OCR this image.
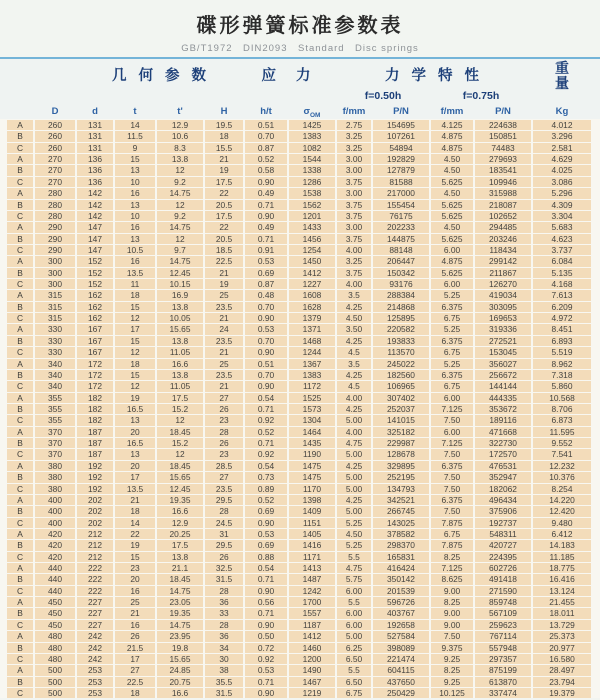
碟形弹簧标准参数表
GB/T1972　DIN2093　Standard　Disc springs
几 何 参 数	应 力	力 学 特 性	重
量
f=0.50h	f=0.75h
D	d	t	t'	H	h/t	$\sigma_{OM}$	f/mm	P/N	f/mm	P/N	Kg
A	260	131	14	12.9	19.5	0.51	1425	2.75	154695	4.125	224638	4.012
B	260	131	11.5	10.6	18	0.70	1383	3.25	107261	4.875	150851	3.296
C	260	131	9	8.3	15.5	0.87	1082	3.25	54894	4.875	74483	2.581
A	270	136	15	13.8	21	0.52	1544	3.00	192829	4.50	279693	4.629
B	270	136	13	12	19	0.58	1338	3.00	127879	4.50	183541	4.025
C	270	136	10	9.2	17.5	0.90	1286	3.75	81588	5.625	109946	3.086
A	280	142	16	14.75	22	0.49	1538	3.00	217000	4.50	315988	5.296
B	280	142	13	12	20.5	0.71	1562	3.75	155454	5.625	218087	4.309
C	280	142	10	9.2	17.5	0.90	1201	3.75	76175	5.625	102652	3.304
A	290	147	16	14.75	22	0.49	1433	3.00	202233	4.50	294485	5.683
B	290	147	13	12	20.5	0.71	1456	3.75	144875	5.625	203246	4.623
C	290	147	10.5	9.7	18.5	0.91	1254	4.00	88148	6.00	118434	3.737
A	300	152	16	14.75	22.5	0.53	1450	3.25	206447	4.875	299142	6.084
B	300	152	13.5	12.45	21	0.69	1412	3.75	150342	5.625	211867	5.135
C	300	152	11	10.15	19	0.87	1227	4.00	93176	6.00	126270	4.168
A	315	162	18	16.9	25	0.48	1608	3.5	288384	5.25	419034	7.613
B	315	162	15	13.8	23.5	0.70	1628	4.25	214868	6.375	303095	6.209
C	315	162	12	10.05	21	0.90	1379	4.50	125895	6.75	169653	4.972
A	330	167	17	15.65	24	0.53	1371	3.50	220582	5.25	319336	8.451
B	330	167	15	13.8	23.5	0.70	1468	4.25	193833	6.375	272521	6.893
C	330	167	12	11.05	21	0.90	1244	4.5	113570	6.75	153045	5.519
A	340	172	18	16.6	25	0.51	1367	3.5	245022	5.25	356027	8.962
B	340	172	15	13.8	23.5	0.70	1383	4.25	182560	6.375	256672	7.318
C	340	172	12	11.05	21	0.90	1172	4.5	106965	6.75	144144	5.860
A	355	182	19	17.5	27	0.54	1525	4.00	307402	6.00	444335	10.568
B	355	182	16.5	15.2	26	0.71	1573	4.25	252037	7.125	353672	8.706
C	355	182	13	12	23	0.92	1304	5.00	141015	7.50	189116	6.873
A	370	187	20	18.45	28	0.52	1464	4.00	325182	6.00	471668	11.595
B	370	187	16.5	15.2	26	0.71	1435	4.75	229987	7.125	322730	9.552
C	370	187	13	12	23	0.92	1190	5.00	128678	7.50	172570	7.541
A	380	192	20	18.45	28.5	0.54	1475	4.25	329895	6.375	476531	12.232
B	380	192	17	15.65	27	0.73	1475	5.00	252195	7.50	352947	10.376
C	380	192	13.5	12.45	23.5	0.89	1170	5.00	134793	7.50	182062	8.254
A	400	202	21	19.35	29.5	0.52	1398	4.25	342521	6.375	496434	14.220
B	400	202	18	16.6	28	0.69	1409	5.00	266745	7.50	375906	12.420
C	400	202	14	12.9	24.5	0.90	1151	5.25	143025	7.875	192737	9.480
A	420	212	22	20.25	31	0.53	1405	4.50	378582	6.75	548311	6.412
B	420	212	19	17.5	29.5	0.69	1416	5.25	298370	7.875	420727	14.183
C	420	212	15	13.8	26	0.88	1171	5.5	165831	8.25	224395	11.185
A	440	222	23	21.1	32.5	0.54	1413	4.75	416424	7.125	602726	18.775
B	440	222	20	18.45	31.5	0.71	1487	5.75	350142	8.625	491418	16.416
C	440	222	16	14.75	28	0.90	1242	6.00	201539	9.00	271590	13.124
A	450	227	25	23.05	36	0.56	1700	5.5	596726	8.25	859748	21.455
B	450	227	21	19.35	33	0.71	1557	6.00	403767	9.00	567109	18.011
C	450	227	16	14.75	28	0.90	1187	6.00	192658	9.00	259623	13.729
A	480	242	26	23.95	36	0.50	1412	5.00	527584	7.50	767114	25.373
B	480	242	21.5	19.8	34	0.72	1460	6.25	398089	9.375	557948	20.977
C	480	242	17	15.65	30	0.92	1200	6.50	221474	9.25	297357	16.580
A	500	253	27	24.85	38	0.53	1490	5.5	604115	8.25	875199	28.497
B	500	253	22.5	20.75	35.5	0.71	1467	6.50	437650	9.25	613870	23.794
C	500	253	18	16.6	31.5	0.90	1219	6.75	250429	10.125	337474	19.379
